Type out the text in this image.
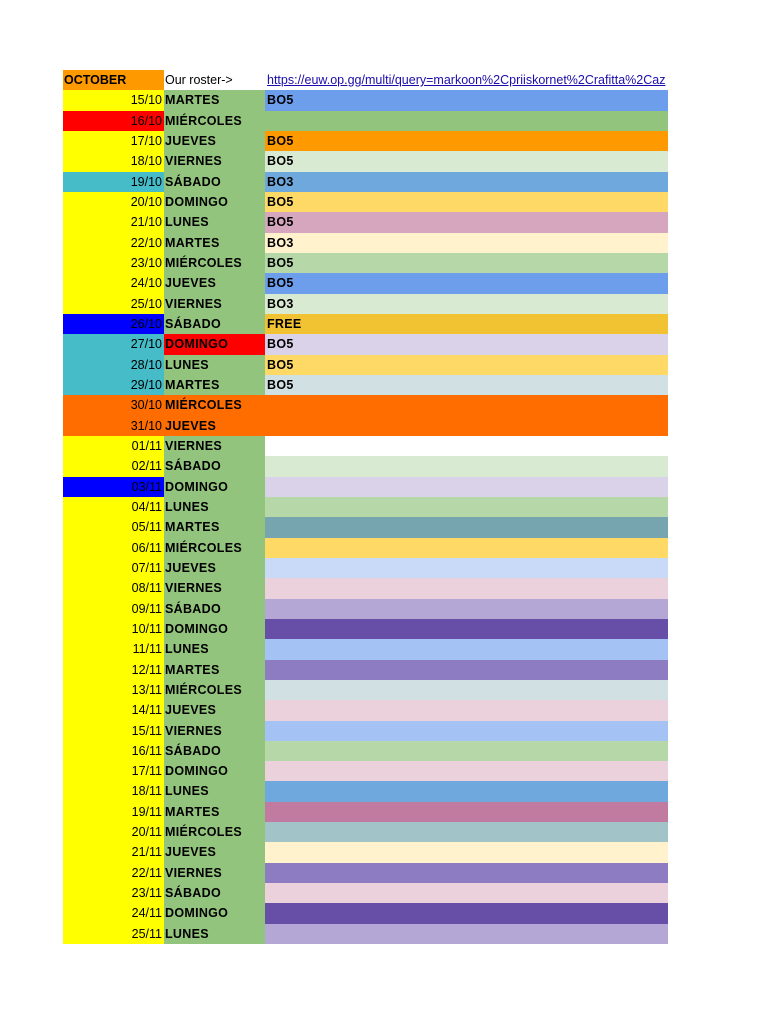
OCTOBER	Our roster->	https://euw.op.gg/multi/query=markoon%2Cpriiskornet%2Crafitta%2Caz
15/10 MARTES	BO5
16/10 MIÉRCOLES
17/10 JUEVES	BO5
18/10 VIERNES	BO5
19/10 SÁBADO	BO3
20/10 DOMINGO	BO5
21/10 LUNES	BO5
22/10 MARTES	BO3
23/10 MIÉRCOLES	BO5
24/10 JUEVES	BO5
25/10 VIERNES	BO3
26/10 SÁBADO	FREE
27/10 DOMINGO	BO5
28/10 LUNES	BO5
29/10 MARTES	BO5
30/10 MIÉRCOLES
31/10 JUEVES
01/11 VIERNES
02/11 SÁBADO
03/11 DOMINGO
04/11 LUNES
05/11 MARTES
06/11 MIÉRCOLES
07/11 JUEVES
08/11 VIERNES
09/11 SÁBADO
10/11 DOMINGO
11/11 LUNES
12/11 MARTES
13/11 MIÉRCOLES
14/11 JUEVES
15/11 VIERNES
16/11 SÁBADO
17/11 DOMINGO
18/11 LUNES
19/11 MARTES
20/11 MIÉRCOLES
21/11 JUEVES
22/11 VIERNES
23/11 SÁBADO
24/11 DOMINGO
25/11 LUNES
